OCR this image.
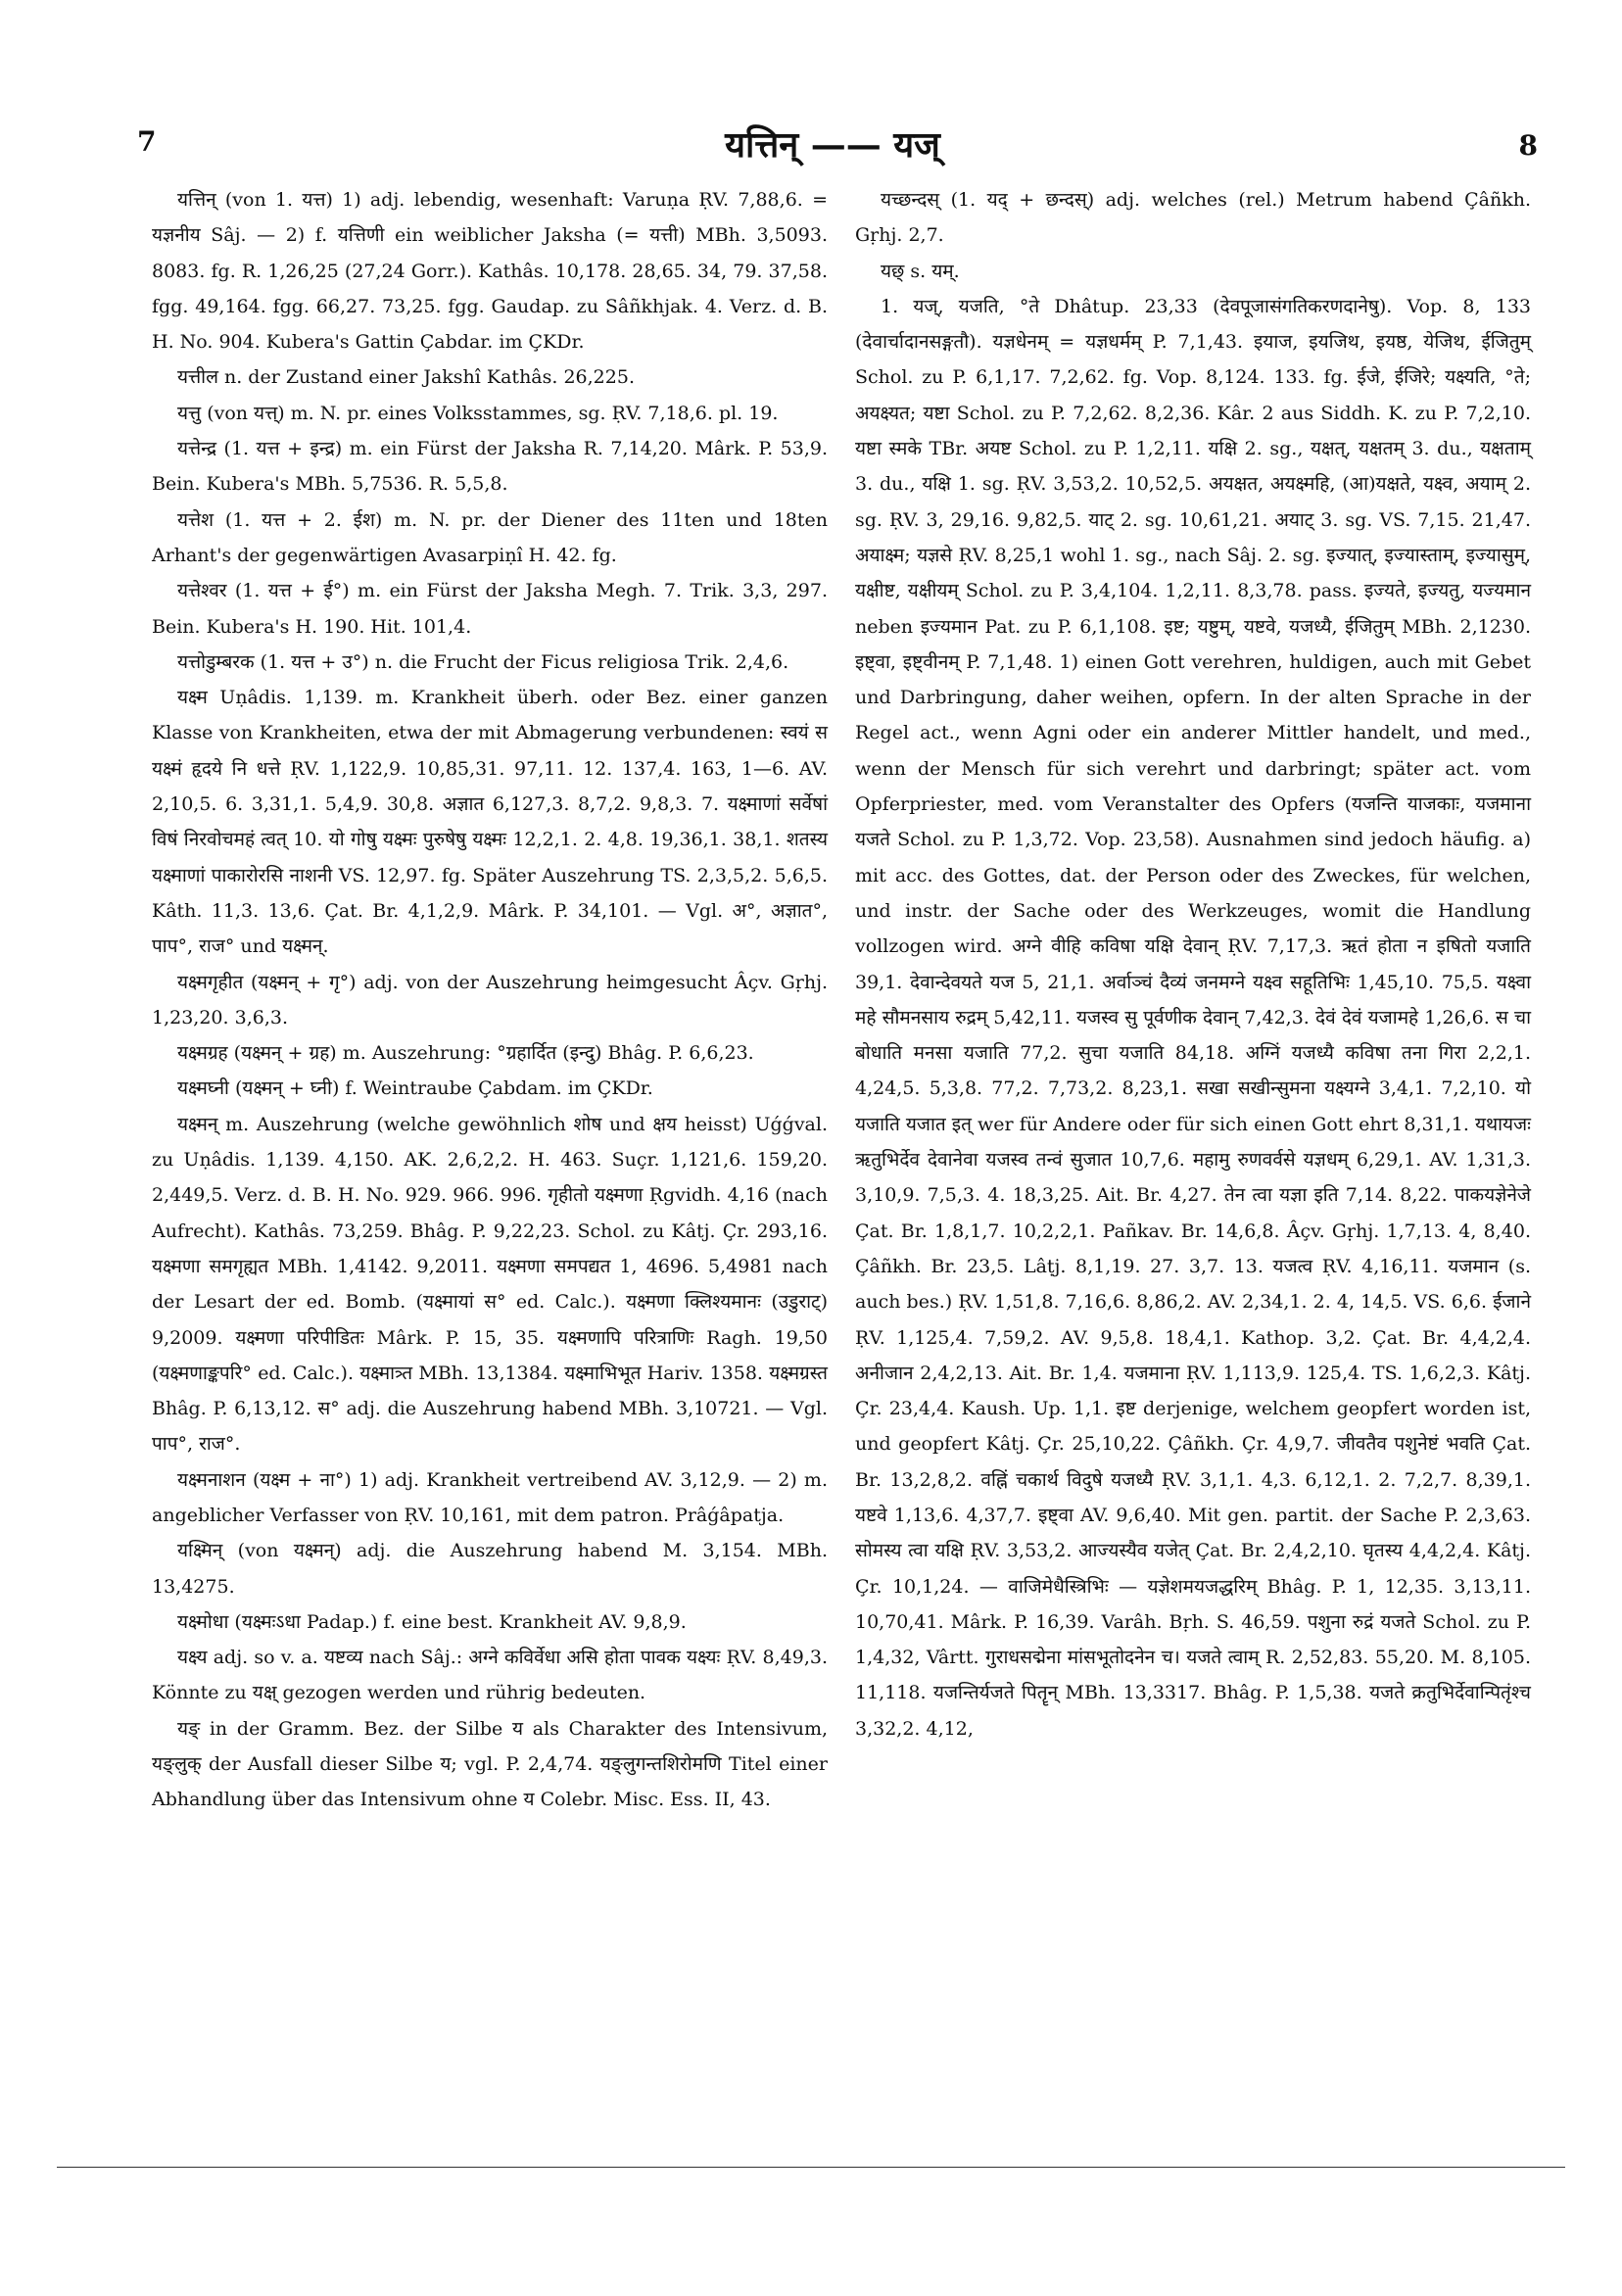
7	यत्तिन् —— यज्	8

यत्तिन् (von 1. यत्त) 1) adj. lebendig, wesenhaft: Varuṇa ṚV. 7,88,6. = यज्ञनीय Sâj. — 2) f. यत्तिणी ein weiblicher Jaksha (= यत्ती) MBh. 3,5093. 8083. fg. R. 1,26,25 (27,24 Gorr.). Kathâs. 10,178. 28,65. 34, 79. 37,58. fgg. 49,164. fgg. 66,27. 73,25. fgg. Gaudap. zu Sâñkhjak. 4. Verz. d. B. H. No. 904. Kubera's Gattin Çabdar. im ÇKDr.

यत्तील n. der Zustand einer Jakshî Kathâs. 26,225.

यत्तु (von यत्त्) m. N. pr. eines Volksstammes, sg. ṚV. 7,18,6. pl. 19.

यत्तेन्द्र (1. यत्त + इन्द्र) m. ein Fürst der Jaksha R. 7,14,20. Mârk. P. 53,9. Bein. Kubera's MBh. 5,7536. R. 5,5,8.

यत्तेश (1. यत्त + 2. ईश) m. N. pr. der Diener des 11ten und 18ten Arhant's der gegenwärtigen Avasarpiṇî H. 42. fg.

यत्तेश्वर (1. यत्त + ई°) m. ein Fürst der Jaksha Megh. 7. Trik. 3,3, 297. Bein. Kubera's H. 190. Hit. 101,4.

यत्तोडुम्बरक (1. यत्त + उ°) n. die Frucht der Ficus religiosa Trik. 2,4,6.

यक्ष्म Uṇâdis. 1,139. m. Krankheit überh. oder Bez. einer ganzen Klasse von Krankheiten, etwa der mit Abmagerung verbundenen: स्वयं स यक्ष्मं हृदये नि धत्ते ṚV. 1,122,9. 10,85,31. 97,11. 12. 137,4. 163, 1—6. AV. 2,10,5. 6. 3,31,1. 5,4,9. 30,8. अज्ञात 6,127,3. 8,7,2. 9,8,3. 7. यक्ष्माणां सर्वेषां विषं निरवोचमहं त्वत् 10. यो गोषु यक्ष्मः पुरुषेषु यक्ष्मः 12,2,1. 2. 4,8. 19,36,1. 38,1. शतस्य यक्ष्माणां पाकारोरसि नाशनी VS. 12,97. fg. Später Auszehrung TS. 2,3,5,2. 5,6,5. Kâth. 11,3. 13,6. Çat. Br. 4,1,2,9. Mârk. P. 34,101. — Vgl. अ°, अज्ञात°, पाप°, राज° und यक्ष्मन्.

यक्ष्मगृहीत (यक्ष्मन् + गृ°) adj. von der Auszehrung heimgesucht Âçv. Gṛhj. 1,23,20. 3,6,3.

यक्ष्मग्रह (यक्ष्मन् + ग्रह) m. Auszehrung: °ग्रहार्दित (इन्दु) Bhâg. P. 6,6,23.

यक्ष्मघ्नी (यक्ष्मन् + घ्नी) f. Weintraube Çabdam. im ÇKDr.

यक्ष्मन् m. Auszehrung (welche gewöhnlich शोष und क्षय heisst) Uǵǵval. zu Uṇâdis. 1,139. 4,150. AK. 2,6,2,2. H. 463. Suçr. 1,121,6. 159,20. 2,449,5. Verz. d. B. H. No. 929. 966. 996. गृहीतो यक्ष्मणा Ṛgvidh. 4,16 (nach Aufrecht). Kathâs. 73,259. Bhâg. P. 9,22,23. Schol. zu Kâtj. Çr. 293,16. यक्ष्मणा समगृह्यत MBh. 1,4142. 9,2011. यक्ष्मणा समपद्यत 1, 4696. 5,4981 nach der Lesart der ed. Bomb. (यक्ष्मायां स° ed. Calc.). यक्ष्मणा क्लिश्यमानः (उडुराट्) 9,2009. यक्ष्मणा परिपीडितः Mârk. P. 15, 35. यक्ष्मणापि परित्राणिः Ragh. 19,50 (यक्ष्मणाङ्कपरि° ed. Calc.). यक्ष्मात्र्त MBh. 13,1384. यक्ष्माभिभूत Hariv. 1358. यक्ष्मग्रस्त Bhâg. P. 6,13,12. स° adj. die Auszehrung habend MBh. 3,10721. — Vgl. पाप°, राज°.

यक्ष्मनाशन (यक्ष्म + ना°) 1) adj. Krankheit vertreibend AV. 3,12,9. — 2) m. angeblicher Verfasser von ṚV. 10,161, mit dem patron. Prâǵâpatja.

यक्ष्मिन् (von यक्ष्मन्) adj. die Auszehrung habend M. 3,154. MBh. 13,4275.

यक्ष्मोधा (यक्ष्मःऽधा Padap.) f. eine best. Krankheit AV. 9,8,9.

यक्ष्य adj. so v. a. यष्टव्य nach Sâj.: अग्ने कविर्वेधा असि होता पावक यक्ष्यः ṚV. 8,49,3. Könnte zu यक्ष् gezogen werden und rührig bedeuten.

यङ् in der Gramm. Bez. der Silbe य als Charakter des Intensivum, यङ्लुक् der Ausfall dieser Silbe य; vgl. P. 2,4,74. यङ्लुगन्तशिरोमणि Titel einer Abhandlung über das Intensivum ohne य Colebr. Misc. Ess. II, 43.

यच्छन्दस् (1. यद् + छन्दस्) adj. welches (rel.) Metrum habend Çâñkh. Gṛhj. 2,7.

यछ् s. यम्.

1. यज्, यजति, °ते Dhâtup. 23,33 (देवपूजासंगतिकरणदानेषु). Vop. 8, 133 (देवार्चादानसङ्गतौ). यज्ञधेनम् = यज्ञधर्मम् P. 7,1,43. इयाज, इयजिथ, इयष्ठ, येजिथ, ईजितुम् Schol. zu P. 6,1,17. 7,2,62. fg. Vop. 8,124. 133. fg. ईजे, ईजिरे; यक्ष्यति, °ते; अयक्ष्यत; यष्टा Schol. zu P. 7,2,62. 8,2,36. Kâr. 2 aus Siddh. K. zu P. 7,2,10. यष्टा स्मके TBr. अयष्ट Schol. zu P. 1,2,11. यक्षि 2. sg., यक्षत्, यक्षतम् 3. du., यक्षताम् 3. du., यक्षि 1. sg. ṚV. 3,53,2. 10,52,5. अयक्षत, अयक्ष्महि, (आ)यक्षते, यक्ष्व, अयाम् 2. sg. ṚV. 3, 29,16. 9,82,5. याट् 2. sg. 10,61,21. अयाट् 3. sg. VS. 7,15. 21,47. अयाक्ष्म; यज्ञसे ṚV. 8,25,1 wohl 1. sg., nach Sâj. 2. sg. इज्यात्, इज्यास्ताम्, इज्यासुम्, यक्षीष्ट, यक्षीयम् Schol. zu P. 3,4,104. 1,2,11. 8,3,78. pass. इज्यते, इज्यतु, यज्यमान neben इज्यमान Pat. zu P. 6,1,108. इष्ट; यष्टुम्, यष्टवे, यजध्यै, ईजितुम् MBh. 2,1230. इष्ट्वा, इष्ट्वीनम् P. 7,1,48. 1) einen Gott verehren, huldigen, auch mit Gebet und Darbringung, daher weihen, opfern. In der alten Sprache in der Regel act., wenn Agni oder ein anderer Mittler handelt, und med., wenn der Mensch für sich verehrt und darbringt; später act. vom Opferpriester, med. vom Veranstalter des Opfers (यजन्ति याजकाः, यजमाना यजते Schol. zu P. 1,3,72. Vop. 23,58). Ausnahmen sind jedoch häufig. a) mit acc. des Gottes, dat. der Person oder des Zweckes, für welchen, und instr. der Sache oder des Werkzeuges, womit die Handlung vollzogen wird. अग्ने वीहि कविषा यक्षि देवान् ṚV. 7,17,3. ऋतं होता न इषितो यजाति 39,1. देवान्देवयते यज 5, 21,1. अर्वाञ्चं दैव्यं जनमग्ने यक्ष्व सहूतिभिः 1,45,10. 75,5. यक्ष्वा महे सौमनसाय रुद्रम् 5,42,11. यजस्व सु पूर्वणीक देवान् 7,42,3. देवं देवं यजामहे 1,26,6. स चा बोधाति मनसा यजाति 77,2. सुचा यजाति 84,18. अग्निं यजध्यै कविषा तना गिरा 2,2,1. 4,24,5. 5,3,8. 77,2. 7,73,2. 8,23,1. सखा सखीन्सुमना यक्ष्यग्ने 3,4,1. 7,2,10. यो यजाति यजात इत् wer für Andere oder für sich einen Gott ehrt 8,31,1. यथायजः ऋतुभिर्देव देवानेवा यजस्व तन्वं सुजात 10,7,6. महामु रुणवर्वसे यज्ञधम् 6,29,1. AV. 1,31,3. 3,10,9. 7,5,3. 4. 18,3,25. Ait. Br. 4,27. तेन त्वा यज्ञा इति 7,14. 8,22. पाकयज्ञेनेजे Çat. Br. 1,8,1,7. 10,2,2,1. Pañkav. Br. 14,6,8. Âçv. Gṛhj. 1,7,13. 4, 8,40. Çâñkh. Br. 23,5. Lâṭj. 8,1,19. 27. 3,7. 13. यजत्व ṚV. 4,16,11. यजमान (s. auch bes.) ṚV. 1,51,8. 7,16,6. 8,86,2. AV. 2,34,1. 2. 4, 14,5. VS. 6,6. ईजाने ṚV. 1,125,4. 7,59,2. AV. 9,5,8. 18,4,1. Kathop. 3,2. Çat. Br. 4,4,2,4. अनीजान 2,4,2,13. Ait. Br. 1,4. यजमाना ṚV. 1,113,9. 125,4. TS. 1,6,2,3. Kâtj. Çr. 23,4,4. Kaush. Up. 1,1. इष्ट derjenige, welchem geopfert worden ist, und geopfert Kâtj. Çr. 25,10,22. Çâñkh. Çr. 4,9,7. जीवतैव पशुनेष्टं भवति Çat. Br. 13,2,8,2. वह्निं चकार्थ विदुषे यजध्यै ṚV. 3,1,1. 4,3. 6,12,1. 2. 7,2,7. 8,39,1. यष्टवे 1,13,6. 4,37,7. इष्ट्वा AV. 9,6,40. Mit gen. partit. der Sache P. 2,3,63. सोमस्य त्वा यक्षि ṚV. 3,53,2. आज्यस्यैव यजेत् Çat. Br. 2,4,2,10. घृतस्य 4,4,2,4. Kâtj. Çr. 10,1,24. — वाजिमेधैस्त्रिभिः — यज्ञेशमयजद्धरिम् Bhâg. P. 1, 12,35. 3,13,11. 10,70,41. Mârk. P. 16,39. Varâh. Bṛh. S. 46,59. पशुना रुद्रं यजते Schol. zu P. 1,4,32, Vârtt. गुराधसद्मेना मांसभूतोदनेन च। यजते त्वाम् R. 2,52,83. 55,20. M. 8,105. 11,118. यजन्तिर्यजते पितॄन् MBh. 13,3317. Bhâg. P. 1,5,38. यजते क्रतुभिर्देवान्पितृंश्च 3,32,2. 4,12,
